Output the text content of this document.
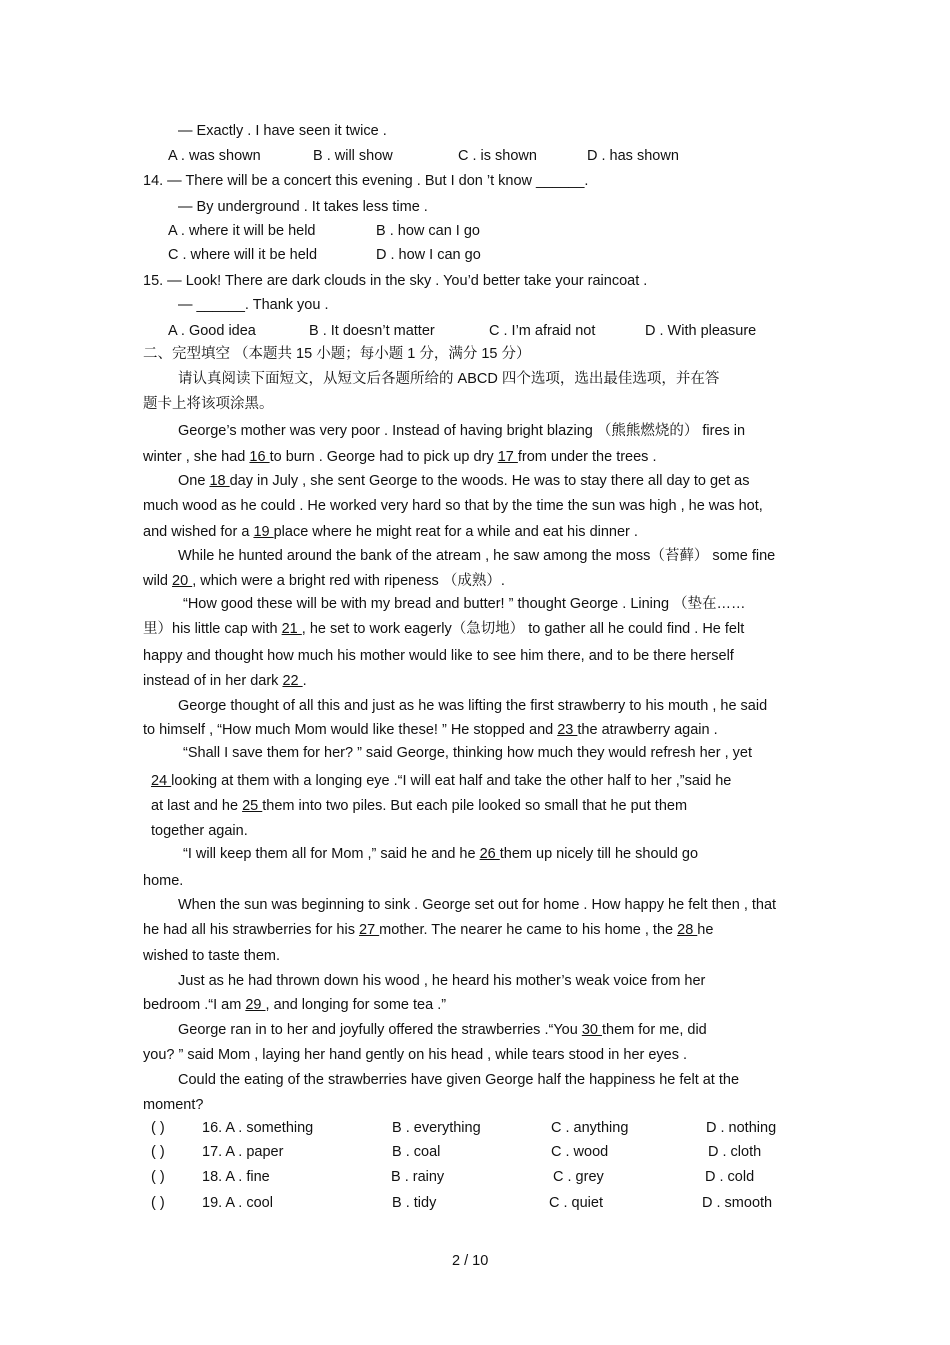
— Exactly . I have seen it twice .
A . was shown	B . will show	C . is shown	D . has shown
14. — There will be a concert this evening . But I don ’t know ______.
— By underground . It takes less time .
A . where it will be held	B . how can I go
C . where will it be held	D . how I can go
15. — Look! There are dark clouds in the sky . You’d better take your raincoat .
— ______. Thank you .
A . Good idea	B . It doesn’t matter	C . I’m afraid not	D . With pleasure
二、完型填空 （本题共 15 小题；每小题 1 分，满分 15 分）
请认真阅读下面短文，从短文后各题所给的 ABCD 四个选项，选出最佳选项，并在答
题卡上将该项涂黑。
George’s mother was very poor . Instead of having bright blazing （熊熊燃烧的） fires in
winter , she had 16 to burn . George had to pick up dry 17 from under the trees .
One 18 day in July , she sent George to the woods. He was to stay there all day to get as
much wood as he could . He worked very hard so that by the time the sun was high , he was hot,
and wished for a 19 place where he might reat for a while and eat his dinner .
While he hunted around the bank of the atream , he saw among the moss（苔藓） some fine
wild 20 , which were a bright red with ripeness （成熟）.
“How good these will be with my bread and butter! ” thought George . Lining （垫在……
里）his little cap with 21 , he set to work eagerly（急切地） to gather all he could find . He felt
happy and thought how much his mother would like to see him there, and to be there herself
instead of in her dark 22 .
George thought of all this and just as he was lifting the first strawberry to his mouth , he said
to himself , “How much Mom would like these! ” He stopped and 23 the atrawberry again .
“Shall I save them for her? ” said George, thinking how much they would refresh her , yet
24 looking at them with a longing eye .“I will eat half and take the other half to her ,”said he
at last and he 25 them into two piles. But each pile looked so small that he put them
together again.
“I will keep them all for Mom ,” said he and he 26 them up nicely till he should go
home.
When the sun was beginning to sink . George set out for home . How happy he felt then , that
he had all his strawberries for his 27 mother. The nearer he came to his home , the 28 he
wished to taste them.
Just as he had thrown down his wood , he heard his mother’s weak voice from her
bedroom .“I am 29 , and longing for some tea .”
George ran in to her and joyfully offered the strawberries .“You 30 them for me, did
you? ” said Mom , laying her hand gently on his head , while tears stood in her eyes .
Could the eating of the strawberries have given George half the happiness he felt at the
moment?
( )	16. A . something	B . everything	C . anything	D . nothing
( )	17. A . paper	B . coal	C . wood	D . cloth
( )	18. A . fine	B . rainy	C . grey	D . cold
( )	19. A . cool	B . tidy	C . quiet	D . smooth
2 / 10
